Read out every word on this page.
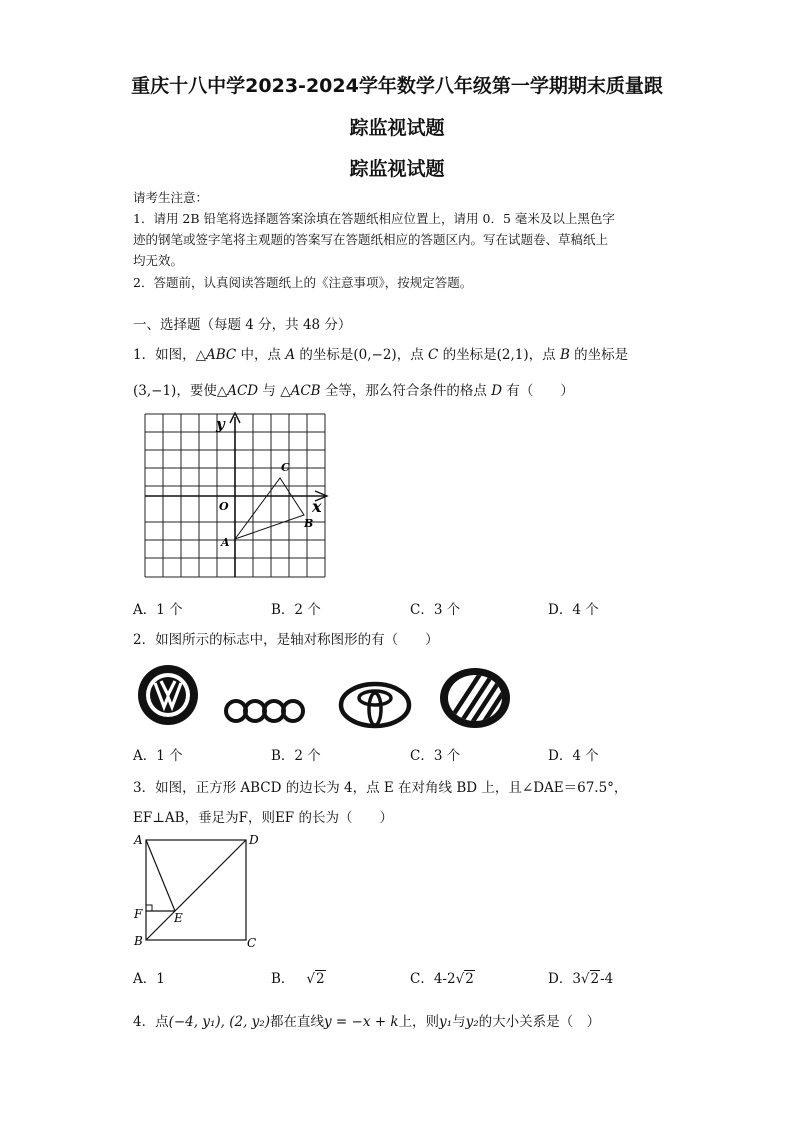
重庆十八中学2023-2024学年数学八年级第一学期期末质量跟
踪监视试题
踪监视试题
请考生注意：
1．请用 2B 铅笔将选择题答案涂填在答题纸相应位置上，请用 0．5 毫米及以上黑色字
迹的钢笔或签字笔将主观题的答案写在答题纸相应的答题区内。写在试题卷、草稿纸上
均无效。
2．答题前，认真阅读答题纸上的《注意事项》，按规定答题。
一、选择题（每题 4 分，共 48 分）
1．如图，△ABC 中，点 A 的坐标是(0,−2)，点 C 的坐标是(2,1)，点 B 的坐标是
(3,−1)，要使△ACD 与 △ACB 全等，那么符合条件的格点 D 有（　　）
y
x
O
A
B
C
A．1 个	B．2 个	C．3 个	D．4 个
2．如图所示的标志中，是轴对称图形的有（　　）
A．1 个	B．2 个	C．3 个	D．4 个
3．如图，正方形 ABCD 的边长为 4，点 E 在对角线 BD 上，且∠DAE＝67.5°，
EF⊥AB，垂足为F，则EF 的长为（　　）
A	D
B	C
F	E
A．1	B． √2	C．4-2√2	D．3√2-4
4．点(−4, y₁), (2, y₂)都在直线y = −x + k上，则y₁与y₂的大小关系是（　）
